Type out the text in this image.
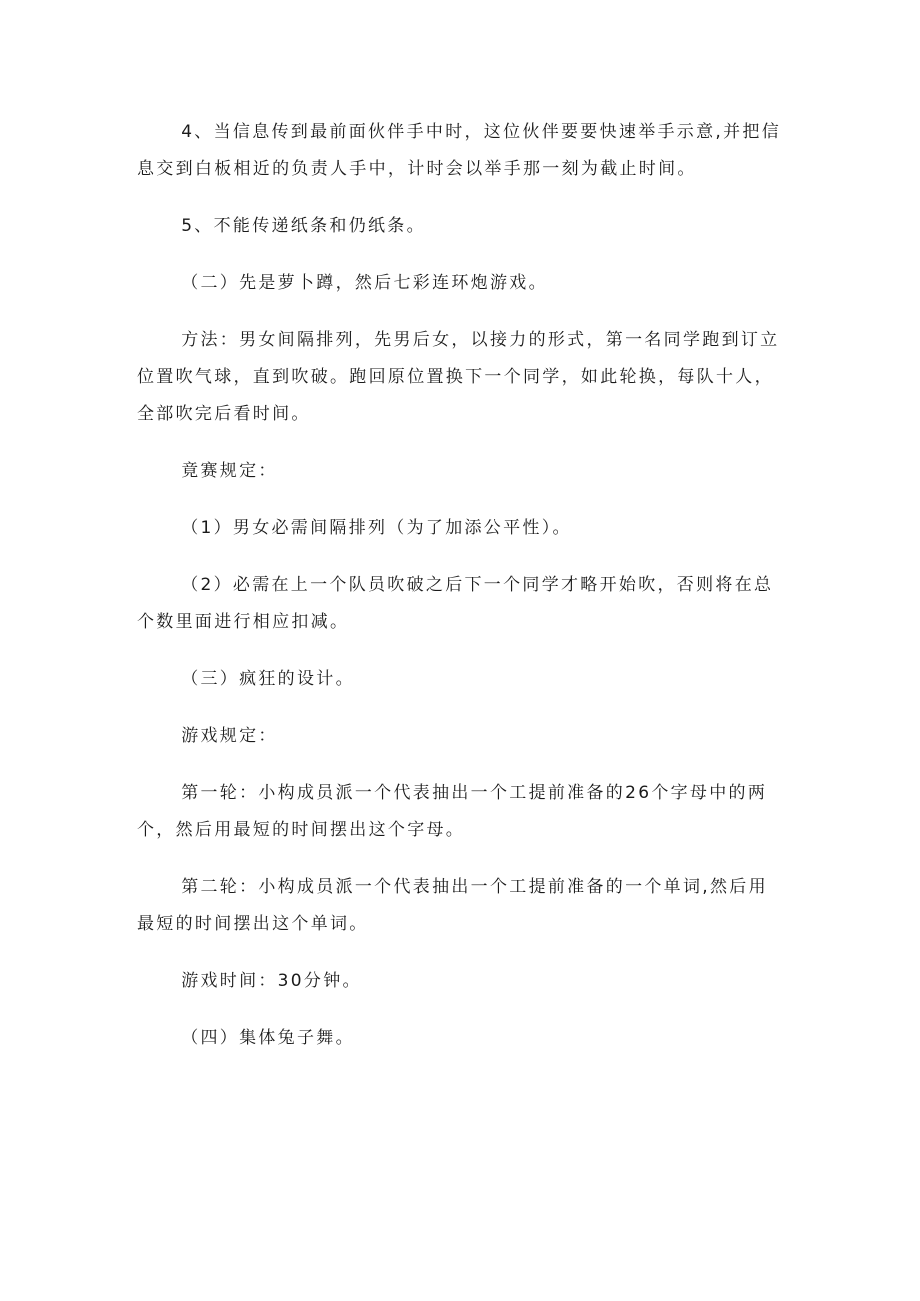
4、当信息传到最前面伙伴手中时，这位伙伴要要快速举手示意,并把信息交到白板相近的负责人手中，计时会以举手那一刻为截止时间。

5、不能传递纸条和仍纸条。

（二）先是萝卜蹲，然后七彩连环炮游戏。

方法：男女间隔排列，先男后女，以接力的形式，第一名同学跑到订立位置吹气球，直到吹破。跑回原位置换下一个同学，如此轮换，每队十人，全部吹完后看时间。

竟赛规定：

（1）男女必需间隔排列（为了加添公平性）。

（2）必需在上一个队员吹破之后下一个同学才略开始吹，否则将在总个数里面进行相应扣减。

（三）疯狂的设计。

游戏规定：

第一轮：小构成员派一个代表抽出一个工提前准备的26个字母中的两个，然后用最短的时间摆出这个字母。

第二轮：小构成员派一个代表抽出一个工提前准备的一个单词,然后用最短的时间摆出这个单词。

游戏时间：30分钟。

（四）集体兔子舞。
